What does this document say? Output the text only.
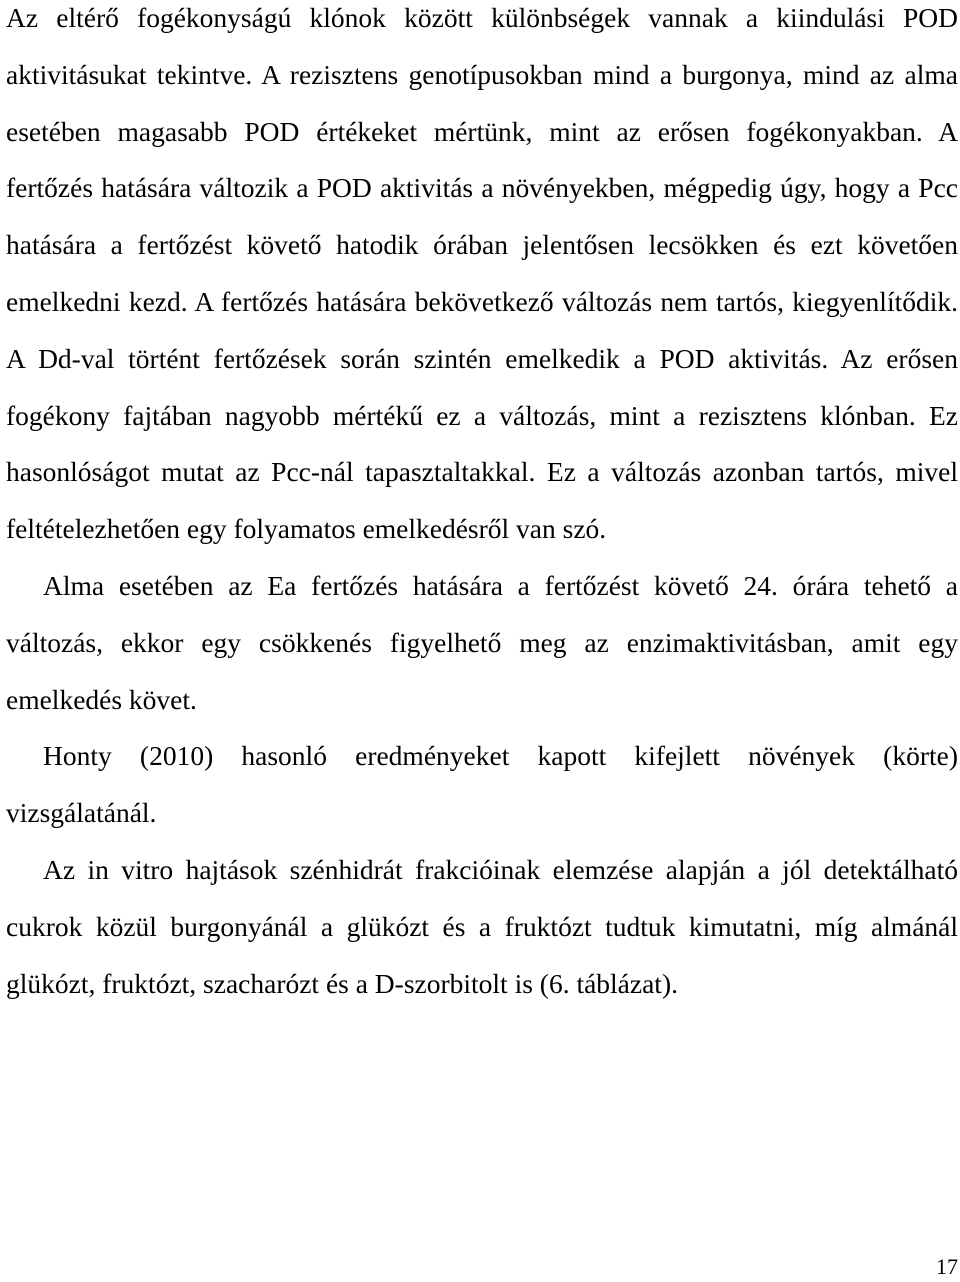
Az eltérő fogékonyságú klónok között különbségek vannak a kiindulási POD aktivitásukat tekintve. A rezisztens genotípusokban mind a burgonya, mind az alma esetében magasabb POD értékeket mértünk, mint az erősen fogékonyakban. A fertőzés hatására változik a POD aktivitás a növényekben, mégpedig úgy, hogy a Pcc hatására a fertőzést követő hatodik órában jelentősen lecsökken és ezt követően emelkedni kezd. A fertőzés hatására bekövetkező változás nem tartós, kiegyenlítődik. A Dd-val történt fertőzések során szintén emelkedik a POD aktivitás. Az erősen fogékony fajtában nagyobb mértékű ez a változás, mint a rezisztens klónban. Ez hasonlóságot mutat az Pcc-nál tapasztaltakkal. Ez a változás azonban tartós, mivel feltételezhetően egy folyamatos emelkedésről van szó.

Alma esetében az Ea fertőzés hatására a fertőzést követő 24. órára tehető a változás, ekkor egy csökkenés figyelhető meg az enzimaktivitásban, amit egy emelkedés követ.

Honty (2010) hasonló eredményeket kapott kifejlett növények (körte) vizsgálatánál.

Az in vitro hajtások szénhidrát frakcióinak elemzése alapján a jól detektálható cukrok közül burgonyánál a glükózt és a fruktózt tudtuk kimutatni, míg almánál glükózt, fruktózt, szacharózt és a D-szorbitolt is (6. táblázat).

17
